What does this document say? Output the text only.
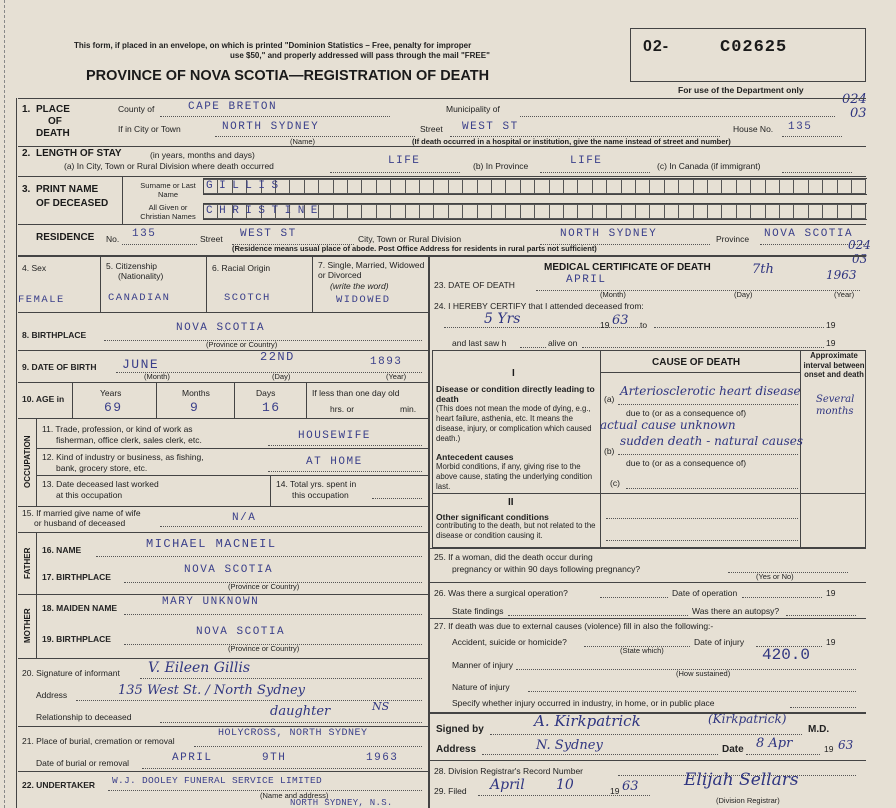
This form, if placed in an envelope, on which is printed "Dominion Statistics – Free, penalty for improper
use $50," and properly addressed will pass through the mail "FREE"
PROVINCE OF NOVA SCOTIA—REGISTRATION OF DEATH
02-	C02625
For use of the Department only
024
03
1. PLACE
OF
DEATH
County of	CAPE BRETON	Municipality of
If in City or Town	NORTH SYDNEY
(Name)
Street WEST ST	House No. 135
(If death occurred in a hospital or institution, give the name instead of street and number)
2. LENGTH OF STAY	(in years, months and days)
(a) In City, Town or Rural Division where death occurred	LIFE	(b) In Province	LIFE	(c) In Canada (if immigrant)
3. PRINT NAME
OF DECEASED
Surname or Last Name
All Given or Christian Names
GILLIS
CHRISTINE
RESIDENCE No. 135	Street WEST ST	City, Town or Rural Division	NORTH SYDNEY	Province NOVA SCOTIA
(Residence means usual place of abode. Post Office Address for residents in rural parts not sufficient)	024
03
4. Sex	5. Citizenship
(Nationality)
6. Racial Origin	7. Single, Married, Widowed or Divorced
(write the word)
FEMALE	CANADIAN	SCOTCH	WIDOWED
8. BIRTHPLACE
NOVA SCOTIA
(Province or Country)
9. DATE OF BIRTH JUNE	22ND	1893
(Month)	(Day)	(Year)
10. AGE in
Years	Months	Days	If less than one day old
69	9	16	hrs. or	min.
OCCUPATION
11. Trade, profession, or kind of work as
fisherman, office clerk, sales clerk, etc.	HOUSEWIFE
12. Kind of industry or business, as fishing,
bank, grocery store, etc.	AT HOME
13. Date deceased last worked
at this occupation
14. Total yrs. spent in
this occupation
15. If married give name of wife
or husband of deceased	N/A
FATHER	16. NAME	MICHAEL MACNEIL
17. BIRTHPLACE
NOVA SCOTIA
(Province or Country)
MOTHER
18. MAIDEN NAME	MARY UNKNOWN
19. BIRTHPLACE
NOVA SCOTIA
(Province or Country)
20. Signature of informant V. Eileen Gillis
Address	135 West St. / North Sydney
Relationship to deceased	daughter	NS
21. Place of burial, cremation or removal
HOLYCROSS, NORTH SYDNEY
Date of burial or removal	APRIL	9TH	1963
22. UNDERTAKER W.J. DOOLEY FUNERAL SERVICE LIMITED
(Name and address)
NORTH SYDNEY, N.S.
MEDICAL CERTIFICATE OF DEATH
23. DATE OF DEATH	APRIL
7th	1963
(Month)	(Day)	(Year)
24. I HEREBY CERTIFY that I attended deceased from:
5 Yrs	19 63 to	19
and last saw h	alive on	19
CAUSE OF DEATH
Approximate interval between onset and death
I
Disease or condition directly leading to death
(This does not mean the mode of dying, e.g., heart failure, asthenia, etc. It means the disease, injury, or complication which caused death.)
(a)
Arteriosclerotic heart disease
Several months
due to (or as a consequence of)
actual cause unknown
(b)
sudden death - natural causes
due to (or as a consequence of)
Antecedent causes
Morbid conditions, if any, giving rise to the above cause, stating the underlying condition last.	(c)
II
Other significant conditions
contributing to the death, but not related to the disease or condition causing it.
25. If a woman, did the death occur during
pregnancy or within 90 days following pregnancy?
(Yes or No)
26. Was there a surgical operation?	Date of operation	19
State findings	Was there an autopsy?
27. If death was due to external causes (violence) fill in also the following:-
Accident, suicide or homicide?	Date of injury	19
(State which)	420.0
Manner of injury
(How sustained)
Nature of injury
Specify whether injury occurred in industry, in home, or in public place
Signed by	A. Kirkpatrick	(Kirkpatrick)
M.D.
Address	N. Sydney	Date 8 Apr	19 63
28. Division Registrar's Record Number
29. Filed April 10	19 63	Elijah Sellars
(Division Registrar)
